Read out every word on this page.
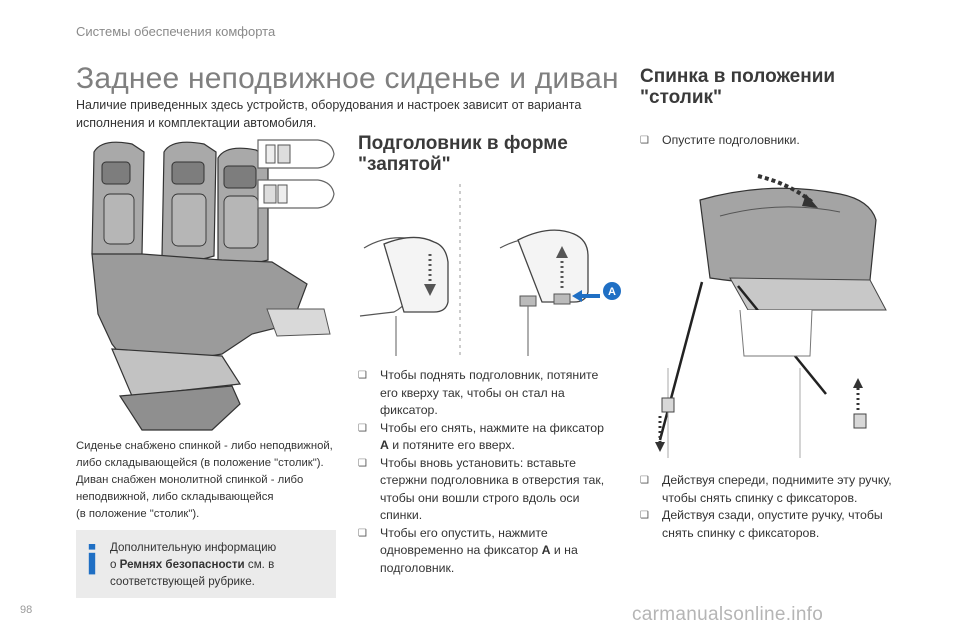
Системы обеспечения комфорта
Заднее неподвижное сиденье и диван
Наличие приведенных здесь устройств, оборудования и настроек зависит от варианта исполнения и комплектации автомобиля.
Сиденье снабжено спинкой - либо неподвижной,
либо складывающейся (в положение "столик").
Диван снабжен монолитной спинкой - либо
неподвижной, либо складывающейся
(в положение "столик").
Дополнительную информацию
о Ремнях безопасности см. в соответствующей рубрике.
Подголовник в форме
"запятой"
A
❑ Чтобы поднять подголовник, потяните его кверху так, чтобы он стал на фиксатор.
❑ Чтобы его снять, нажмите на фиксатор A и потяните его вверх.
❑ Чтобы вновь установить: вставьте стержни подголовника в отверстия так, чтобы они вошли строго вдоль оси спинки.
❑ Чтобы его опустить, нажмите одновременно на фиксатор A и на подголовник.
Спинка в положении
"столик"
❑ Опустите подголовники.
❑ Действуя спереди, поднимите эту ручку, чтобы снять спинку с фиксаторов.
❑ Действуя сзади, опустите ручку, чтобы снять спинку с фиксаторов.
98	carmanualsonline.info
